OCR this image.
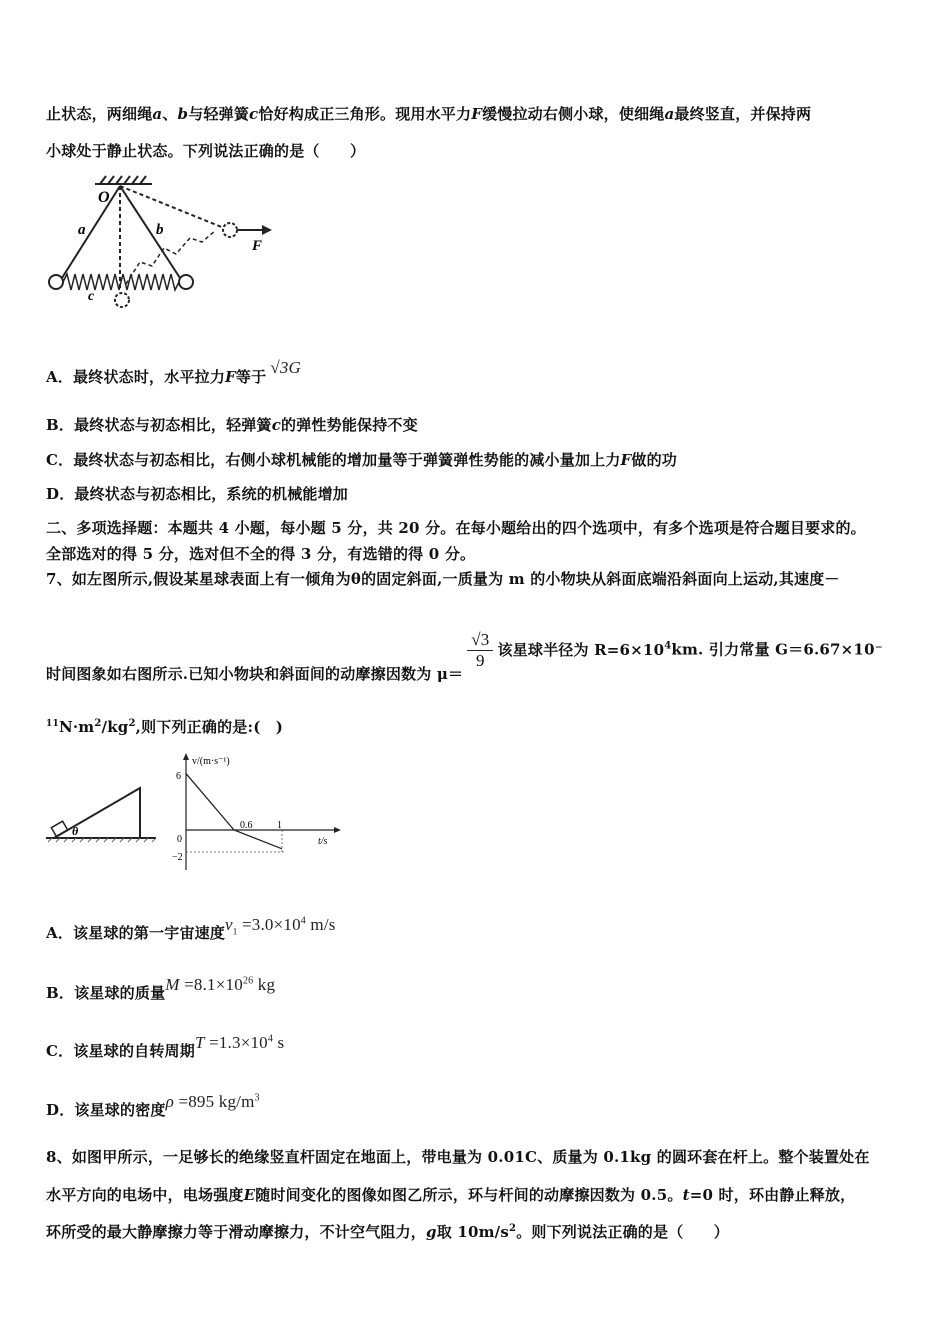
止状态，两细绳a、b与轻弹簧c恰好构成正三角形。现用水平力F缓慢拉动右侧小球，使细绳a最终竖直，并保持两
小球处于静止状态。下列说法正确的是（　　）
O
a	b
c
F
A．最终状态时，水平拉力F等于 √3G
B．最终状态与初态相比，轻弹簧c的弹性势能保持不变
C．最终状态与初态相比，右侧小球机械能的增加量等于弹簧弹性势能的减小量加上力F做的功
D．最终状态与初态相比，系统的机械能增加
二、多项选择题：本题共 4 小题，每小题 5 分，共 20 分。在每小题给出的四个选项中，有多个选项是符合题目要求的。
全部选对的得 5 分，选对但不全的得 3 分，有选错的得 0 分。
7、如左图所示,假设某星球表面上有一倾角为θ的固定斜面,一质量为 m 的小物块从斜面底端沿斜面向上运动,其速度－
时间图象如右图所示.已知小物块和斜面间的动摩擦因数为 μ＝
$\frac{√3}{9}$ 该星球半径为 $R=6\times 10^4km$. 引力常量 G＝6.67×10⁻
$^{11}N\cdot m^2/kg^2$,则下列正确的是:(　)
θ
v/(m·s⁻¹)
t/s
6
0
−2
0.6 1
A．该星球的第一宇宙速度$v_1 =3.0\times 10^4$ m/s
B．该星球的质量$M =8.1\times 10^{26}$ kg
C．该星球的自转周期$T =1.3\times 10^4$ s
D．该星球的密度ρ =895 $kg/m^3$
8、如图甲所示，一足够长的绝缘竖直杆固定在地面上，带电量为 0.01C、质量为 0.1kg 的圆环套在杆上。整个装置处在
水平方向的电场中，电场强度E随时间变化的图像如图乙所示，环与杆间的动摩擦因数为 0.5。t=0 时，环由静止释放，
环所受的最大静摩擦力等于滑动摩擦力，不计空气阻力，g取 $10m/s^2$。则下列说法正确的是（　　）
